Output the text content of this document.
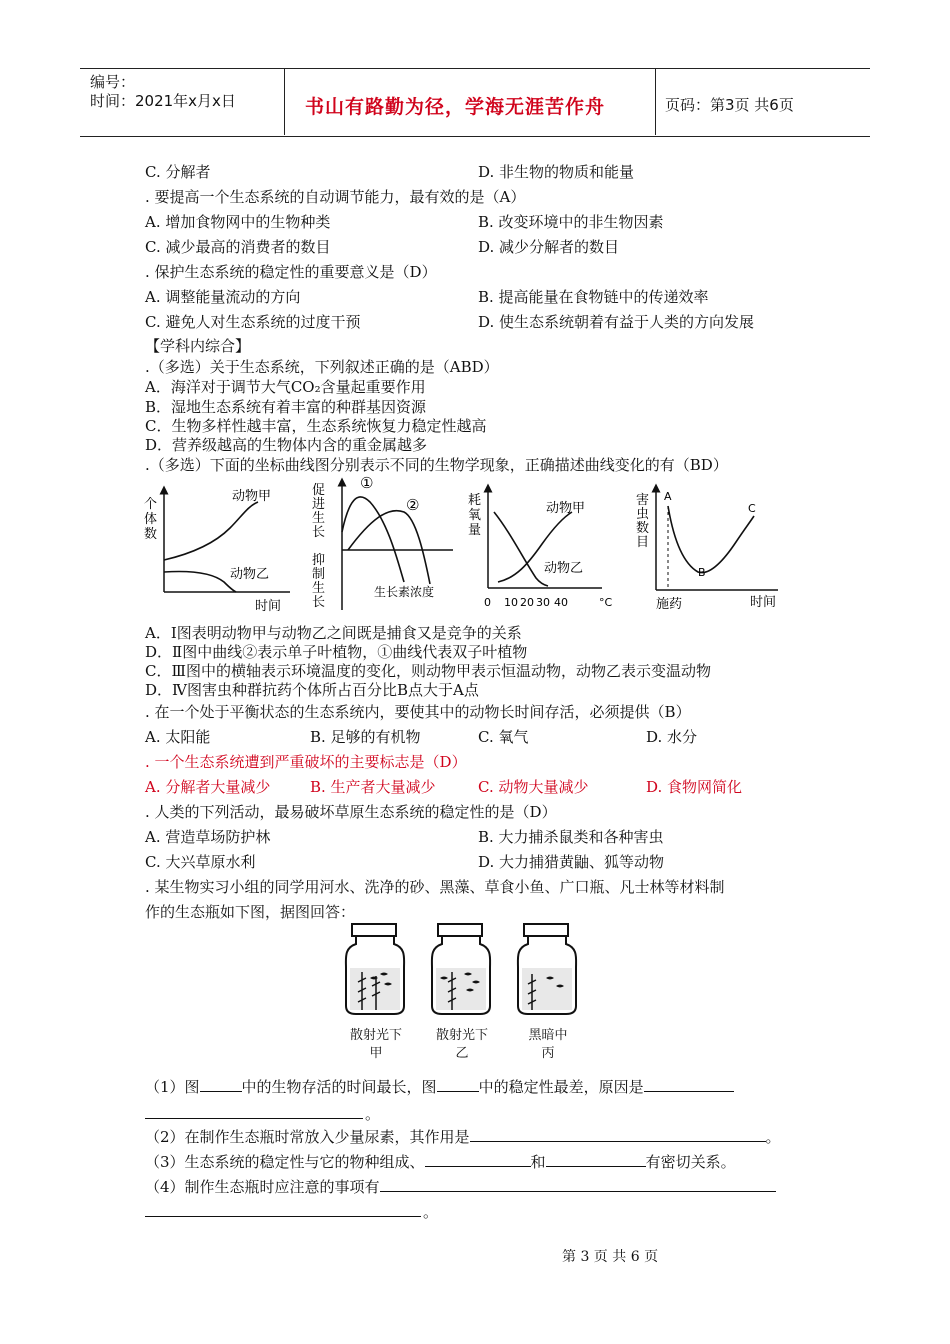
编号：
时间：2021年x月x日	书山有路勤为径，学海无涯苦作舟	页码：第3页 共6页
C. 分解者	D. 非生物的物质和能量
. 要提高一个生态系统的自动调节能力，最有效的是（A）
A. 增加食物网中的生物种类	B. 改变环境中的非生物因素
C. 减少最高的消费者的数目	D. 减少分解者的数目
. 保护生态系统的稳定性的重要意义是（D）
A. 调整能量流动的方向	B. 提高能量在食物链中的传递效率
C. 避免人对生态系统的过度干预	D. 使生态系统朝着有益于人类的方向发展
【学科内综合】
.（多选）关于生态系统，下列叙述正确的是（ABD）
A．海洋对于调节大气CO₂含量起重要作用
B．湿地生态系统有着丰富的种群基因资源
C．生物多样性越丰富，生态系统恢复力稳定性越高
D．营养级越高的生物体内含的重金属越多
.（多选）下面的坐标曲线图分别表示不同的生物学现象，正确描述曲线变化的有（BD）
个
体
数
动物甲
动物乙
时间
促
进
生
长
抑
制
生
长
①
②
生长素浓度
耗
氧
量
动物甲
动物乙
0 10 20 30 40	°C
害
虫
数
目
A
B
C
施药	时间
A．Ⅰ图表明动物甲与动物乙之间既是捕食又是竞争的关系
D．Ⅱ图中曲线②表示单子叶植物，①曲线代表双子叶植物
C．Ⅲ图中的横轴表示环境温度的变化，则动物甲表示恒温动物，动物乙表示变温动物
D．Ⅳ图害虫种群抗药个体所占百分比B点大于A点
. 在一个处于平衡状态的生态系统内，要使其中的动物长时间存活，必须提供（B）
A. 太阳能	B. 足够的有机物	C. 氧气	D. 水分
. 一个生态系统遭到严重破坏的主要标志是（D）
A. 分解者大量减少	B. 生产者大量减少	C. 动物大量减少	D. 食物网简化
. 人类的下列活动，最易破坏草原生态系统的稳定性的是（D）
A. 营造草场防护林	B. 大力捕杀鼠类和各种害虫
C. 大兴草原水利	D. 大力捕猎黄鼬、狐等动物
. 某生物实习小组的同学用河水、洗净的砂、黑藻、草食小鱼、广口瓶、凡士林等材料制
作的生态瓶如下图，据图回答：
散射光下
甲
散射光下
乙
黑暗中
丙
（1）图	中的生物存活的时间最长，图	中的稳定性最差，原因是
。
（2）在制作生态瓶时常放入少量尿素，其作用是	。
（3）生态系统的稳定性与它的物种组成、	和	有密切关系。
（4）制作生态瓶时应注意的事项有
。
第 3 页 共 6 页
